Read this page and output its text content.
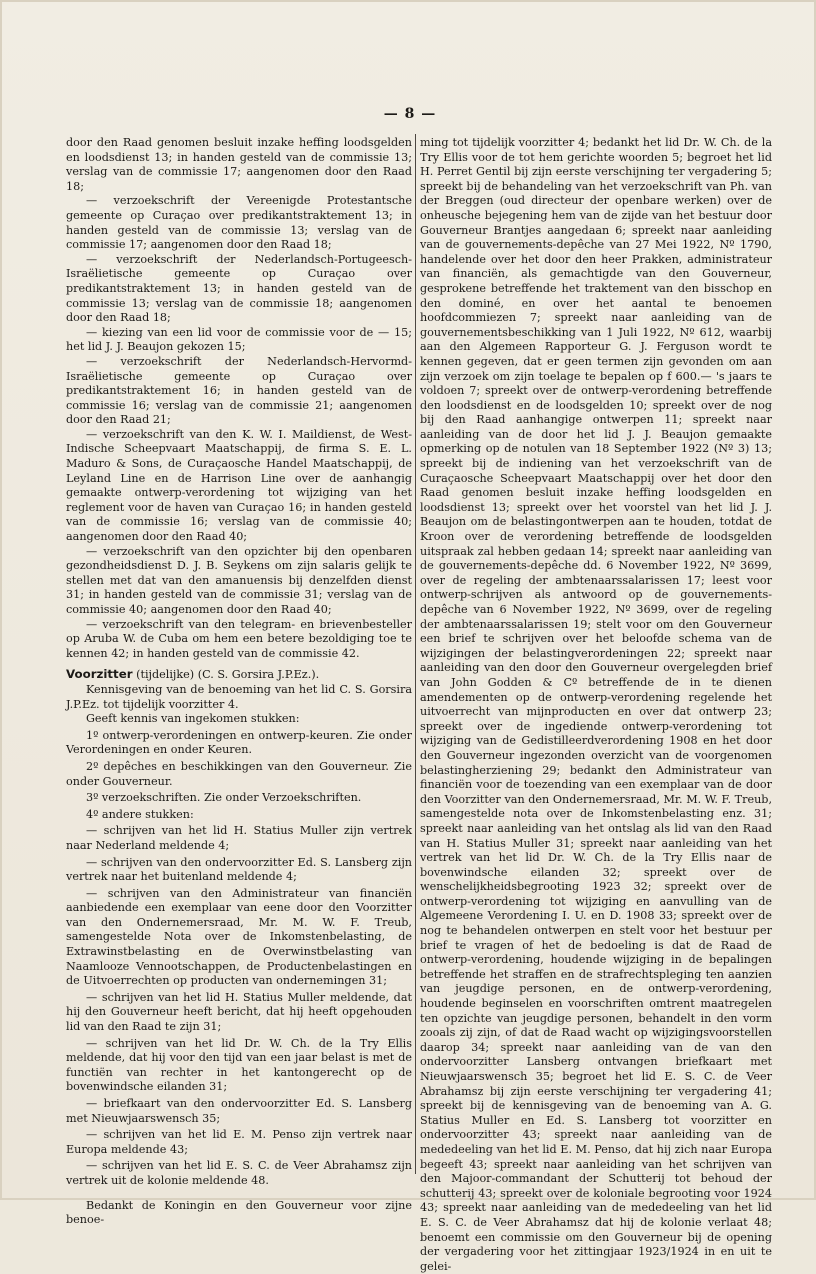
— 8 —

door den Raad genomen besluit inzake heffing loodsgelden en loodsdienst 13; in handen gesteld van de commissie 13; verslag van de commissie 17; aangenomen door den Raad 18;

— verzoekschrift der Vereenigde Protestantsche gemeente op Curaçao over predikantstraktement 13; in handen gesteld van de commissie 13; verslag van de commissie 17; aangenomen door den Raad 18;

— verzoekschrift der Nederlandsch-Portugeesch-Israëlietische gemeente op Curaçao over predikantstraktement 13; in handen gesteld van de commissie 13; verslag van de commissie 18; aangenomen door den Raad 18;

— kiezing van een lid voor de commissie voor de — 15; het lid J. J. Beaujon gekozen 15;

— verzoekschrift der Nederlandsch-Hervormd-Israëlietische gemeente op Curaçao over predikantstraktement 16; in handen gesteld van de commissie 16; verslag van de commissie 21; aangenomen door den Raad 21;

— verzoekschrift van den K. W. I. Maildienst, de West-Indische Scheepvaart Maatschappij, de firma S. E. L. Maduro & Sons, de Curaçaosche Handel Maatschappij, de Leyland Line en de Harrison Line over de aanhangig gemaakte ontwerp-verordening tot wijziging van het reglement voor de haven van Curaçao 16; in handen gesteld van de commissie 16; verslag van de commissie 40; aangenomen door den Raad 40;

— verzoekschrift van den opzichter bij den openbaren gezondheidsdienst D. J. B. Seykens om zijn salaris gelijk te stellen met dat van den amanuensis bij denzelfden dienst 31; in handen gesteld van de commissie 31; verslag van de commissie 40; aangenomen door den Raad 40;

— verzoekschrift van den telegram- en brievenbesteller op Aruba W. de Cuba om hem een betere bezoldiging toe te kennen 42; in handen gesteld van de commissie 42.

Voorzitter (tijdelijke) (C. S. Gorsira J.P.Ez.).

Kennisgeving van de benoeming van het lid C. S. Gorsira J.P.Ez. tot tijdelijk voorzitter 4.

Geeft kennis van ingekomen stukken:

1º ontwerp-verordeningen en ontwerp-keuren. Zie onder Verordeningen en onder Keuren.

2º depêches en beschikkingen van den Gouverneur. Zie onder Gouverneur.

3º verzoekschriften. Zie onder Verzoekschriften.

4º andere stukken:

— schrijven van het lid H. Statius Muller zijn vertrek naar Nederland meldende 4;

— schrijven van den ondervoorzitter Ed. S. Lansberg zijn vertrek naar het buitenland meldende 4;

— schrijven van den Administrateur van financiën aanbiedende een exemplaar van eene door den Voorzitter van den Ondernemersraad, Mr. M. W. F. Treub, samengestelde Nota over de Inkomstenbelasting, de Extrawinstbelasting en de Overwinstbelasting van Naamlooze Vennootschappen, de Productenbelastingen en de Uitvoerrechten op producten van ondernemingen 31;

— schrijven van het lid H. Statius Muller meldende, dat hij den Gouverneur heeft bericht, dat hij heeft opgehouden lid van den Raad te zijn 31;

— schrijven van het lid Dr. W. Ch. de la Try Ellis meldende, dat hij voor den tijd van een jaar belast is met de functiën van rechter in het kantongerecht op de bovenwindsche eilanden 31;

— briefkaart van den ondervoorzitter Ed. S. Lansberg met Nieuwjaarswensch 35;

— schrijven van het lid E. M. Penso zijn vertrek naar Europa meldende 43;

— schrijven van het lid E. S. C. de Veer Abrahamsz zijn vertrek uit de kolonie meldende 48.

Bedankt de Koningin en den Gouverneur voor zijne benoe-

ming tot tijdelijk voorzitter 4; bedankt het lid Dr. W. Ch. de la Try Ellis voor de tot hem gerichte woorden 5; begroet het lid H. Perret Gentil bij zijn eerste verschijning ter vergadering 5; spreekt bij de behandeling van het verzoekschrift van Ph. van der Breggen (oud directeur der openbare werken) over de onheusche bejegening hem van de zijde van het bestuur door Gouverneur Brantjes aangedaan 6; spreekt naar aanleiding van de gouvernements-depêche van 27 Mei 1922, Nº 1790, handelende over het door den heer Prakken, administrateur van financiën, als gemachtigde van den Gouverneur, gesprokene betreffende het traktement van den bisschop en den dominé, en over het aantal te benoemen hoofdcommiezen 7; spreekt naar aanleiding van de gouvernementsbeschikking van 1 Juli 1922, Nº 612, waarbij aan den Algemeen Rapporteur G. J. Ferguson wordt te kennen gegeven, dat er geen termen zijn gevonden om aan zijn verzoek om zijn toelage te bepalen op f 600.— 's jaars te voldoen 7; spreekt over de ontwerp-verordening betreffende den loodsdienst en de loodsgelden 10; spreekt over de nog bij den Raad aanhangige ontwerpen 11; spreekt naar aanleiding van de door het lid J. J. Beaujon gemaakte opmerking op de notulen van 18 September 1922 (Nº 3) 13; spreekt bij de indiening van het verzoekschrift van de Curaçaosche Scheepvaart Maatschappij over het door den Raad genomen besluit inzake heffing loodsgelden en loodsdienst 13; spreekt over het voorstel van het lid J. J. Beaujon om de belastingontwerpen aan te houden, totdat de Kroon over de verordening betreffende de loodsgelden uitspraak zal hebben gedaan 14; spreekt naar aanleiding van de gouvernements-depêche dd. 6 November 1922, Nº 3699, over de regeling der ambtenaarssalarissen 17; leest voor ontwerp-schrijven als antwoord op de gouvernements-depêche van 6 November 1922, Nº 3699, over de regeling der ambtenaarssalarissen 19; stelt voor om den Gouverneur een brief te schrijven over het beloofde schema van de wijzigingen der belastingverordeningen 22; spreekt naar aanleiding van den door den Gouverneur overgelegden brief van John Godden & Cº betreffende de in te dienen amendementen op de ontwerp-verordening regelende het uitvoerrecht van mijnproducten en over dat ontwerp 23; spreekt over de ingediende ontwerp-verordening tot wijziging van de Gedistilleerdverordening 1908 en het door den Gouverneur ingezonden overzicht van de voorgenomen belastingherziening 29; bedankt den Administrateur van financiën voor de toezending van een exemplaar van de door den Voorzitter van den Ondernemersraad, Mr. M. W. F. Treub, samengestelde nota over de Inkomstenbelasting enz. 31; spreekt naar aanleiding van het ontslag als lid van den Raad van H. Statius Muller 31; spreekt naar aanleiding van het vertrek van het lid Dr. W. Ch. de la Try Ellis naar de bovenwindsche eilanden 32; spreekt over de wenschelijkheidsbegrooting 1923 32; spreekt over de ontwerp-verordening tot wijziging en aanvulling van de Algemeene Verordening I. U. en D. 1908 33; spreekt over de nog te behandelen ontwerpen en stelt voor het bestuur per brief te vragen of het de bedoeling is dat de Raad de ontwerp-verordening, houdende wijziging in de bepalingen betreffende het straffen en de strafrechtspleging ten aanzien van jeugdige personen, en de ontwerp-verordening, houdende beginselen en voorschriften omtrent maatregelen ten opzichte van jeugdige personen, behandelt in den vorm zooals zij zijn, of dat de Raad wacht op wijzigingsvoorstellen daarop 34; spreekt naar aanleiding van de van den ondervoorzitter Lansberg ontvangen briefkaart met Nieuwjaarswensch 35; begroet het lid E. S. C. de Veer Abrahamsz bij zijn eerste verschijning ter vergadering 41; spreekt bij de kennisgeving van de benoeming van A. G. Statius Muller en Ed. S. Lansberg tot voorzitter en ondervoorzitter 43; spreekt naar aanleiding van de mededeeling van het lid E. M. Penso, dat hij zich naar Europa begeeft 43; spreekt naar aanleiding van het schrijven van den Majoor-commandant der Schutterij tot behoud der schutterij 43; spreekt over de koloniale begrooting voor 1924 43; spreekt naar aanleiding van de mededeeling van het lid E. S. C. de Veer Abrahamsz dat hij de kolonie verlaat 48; benoemt een commissie om den Gouverneur bij de opening der vergadering voor het zittingjaar 1923/1924 in en uit te gelei-
